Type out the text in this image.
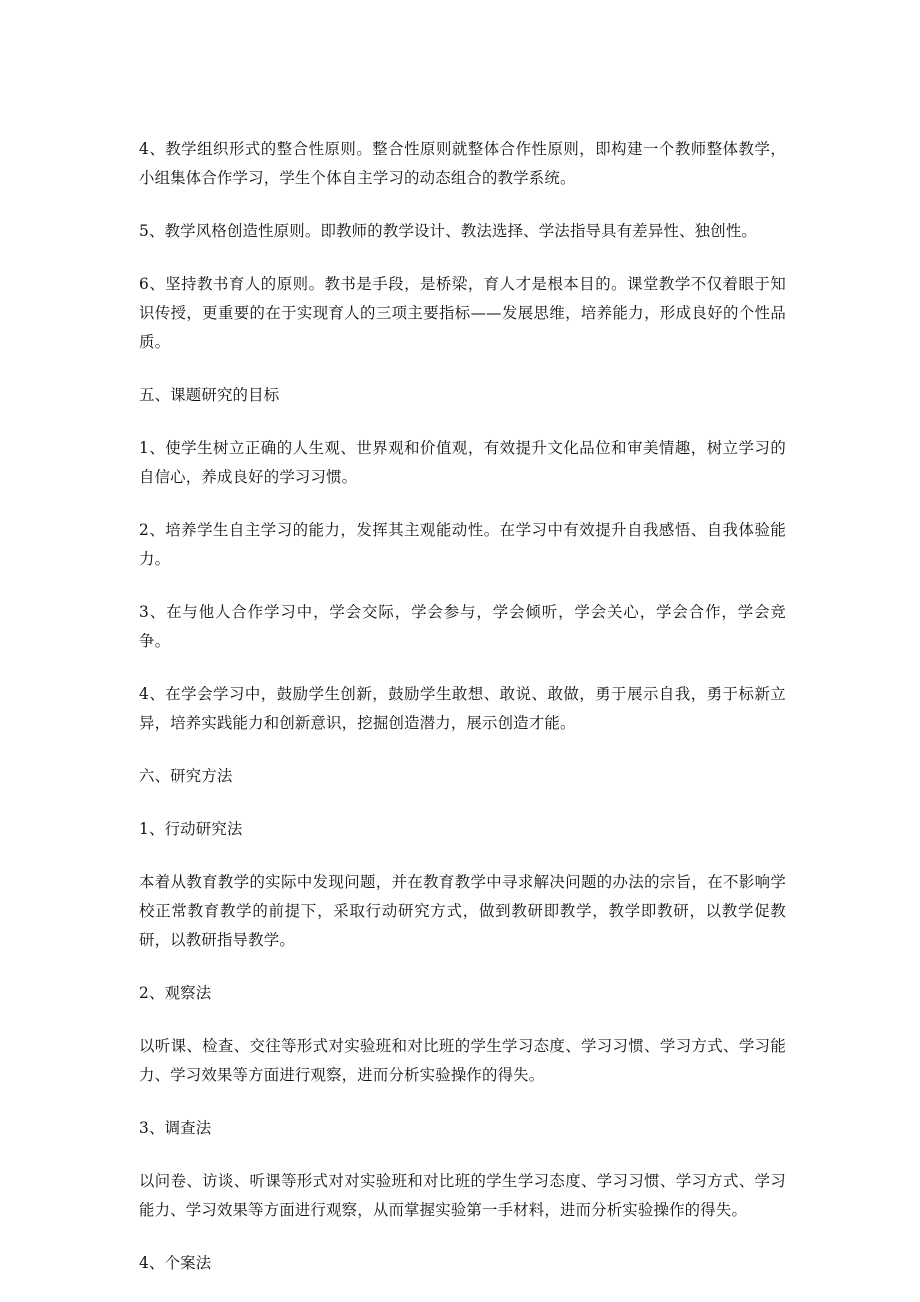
4、教学组织形式的整合性原则。整合性原则就整体合作性原则，即构建一个教师整体教学，小组集体合作学习，学生个体自主学习的动态组合的教学系统。

5、教学风格创造性原则。即教师的教学设计、教法选择、学法指导具有差异性、独创性。

6、坚持教书育人的原则。教书是手段，是桥梁，育人才是根本目的。课堂教学不仅着眼于知识传授，更重要的在于实现育人的三项主要指标——发展思维，培养能力，形成良好的个性品质。

五、课题研究的目标

1、使学生树立正确的人生观、世界观和价值观，有效提升文化品位和审美情趣，树立学习的自信心，养成良好的学习习惯。

2、培养学生自主学习的能力，发挥其主观能动性。在学习中有效提升自我感悟、自我体验能力。

3、在与他人合作学习中，学会交际，学会参与，学会倾听，学会关心，学会合作，学会竞争。

4、在学会学习中，鼓励学生创新，鼓励学生敢想、敢说、敢做，勇于展示自我，勇于标新立异，培养实践能力和创新意识，挖掘创造潜力，展示创造才能。

六、研究方法

1、行动研究法

本着从教育教学的实际中发现问题，并在教育教学中寻求解决问题的办法的宗旨，在不影响学校正常教育教学的前提下，采取行动研究方式，做到教研即教学，教学即教研，以教学促教研，以教研指导教学。

2、观察法

以听课、检查、交往等形式对实验班和对比班的学生学习态度、学习习惯、学习方式、学习能力、学习效果等方面进行观察，进而分析实验操作的得失。

3、调查法

以问卷、访谈、听课等形式对对实验班和对比班的学生学习态度、学习习惯、学习方式、学习能力、学习效果等方面进行观察，从而掌握实验第一手材料，进而分析实验操作的得失。

4、个案法
